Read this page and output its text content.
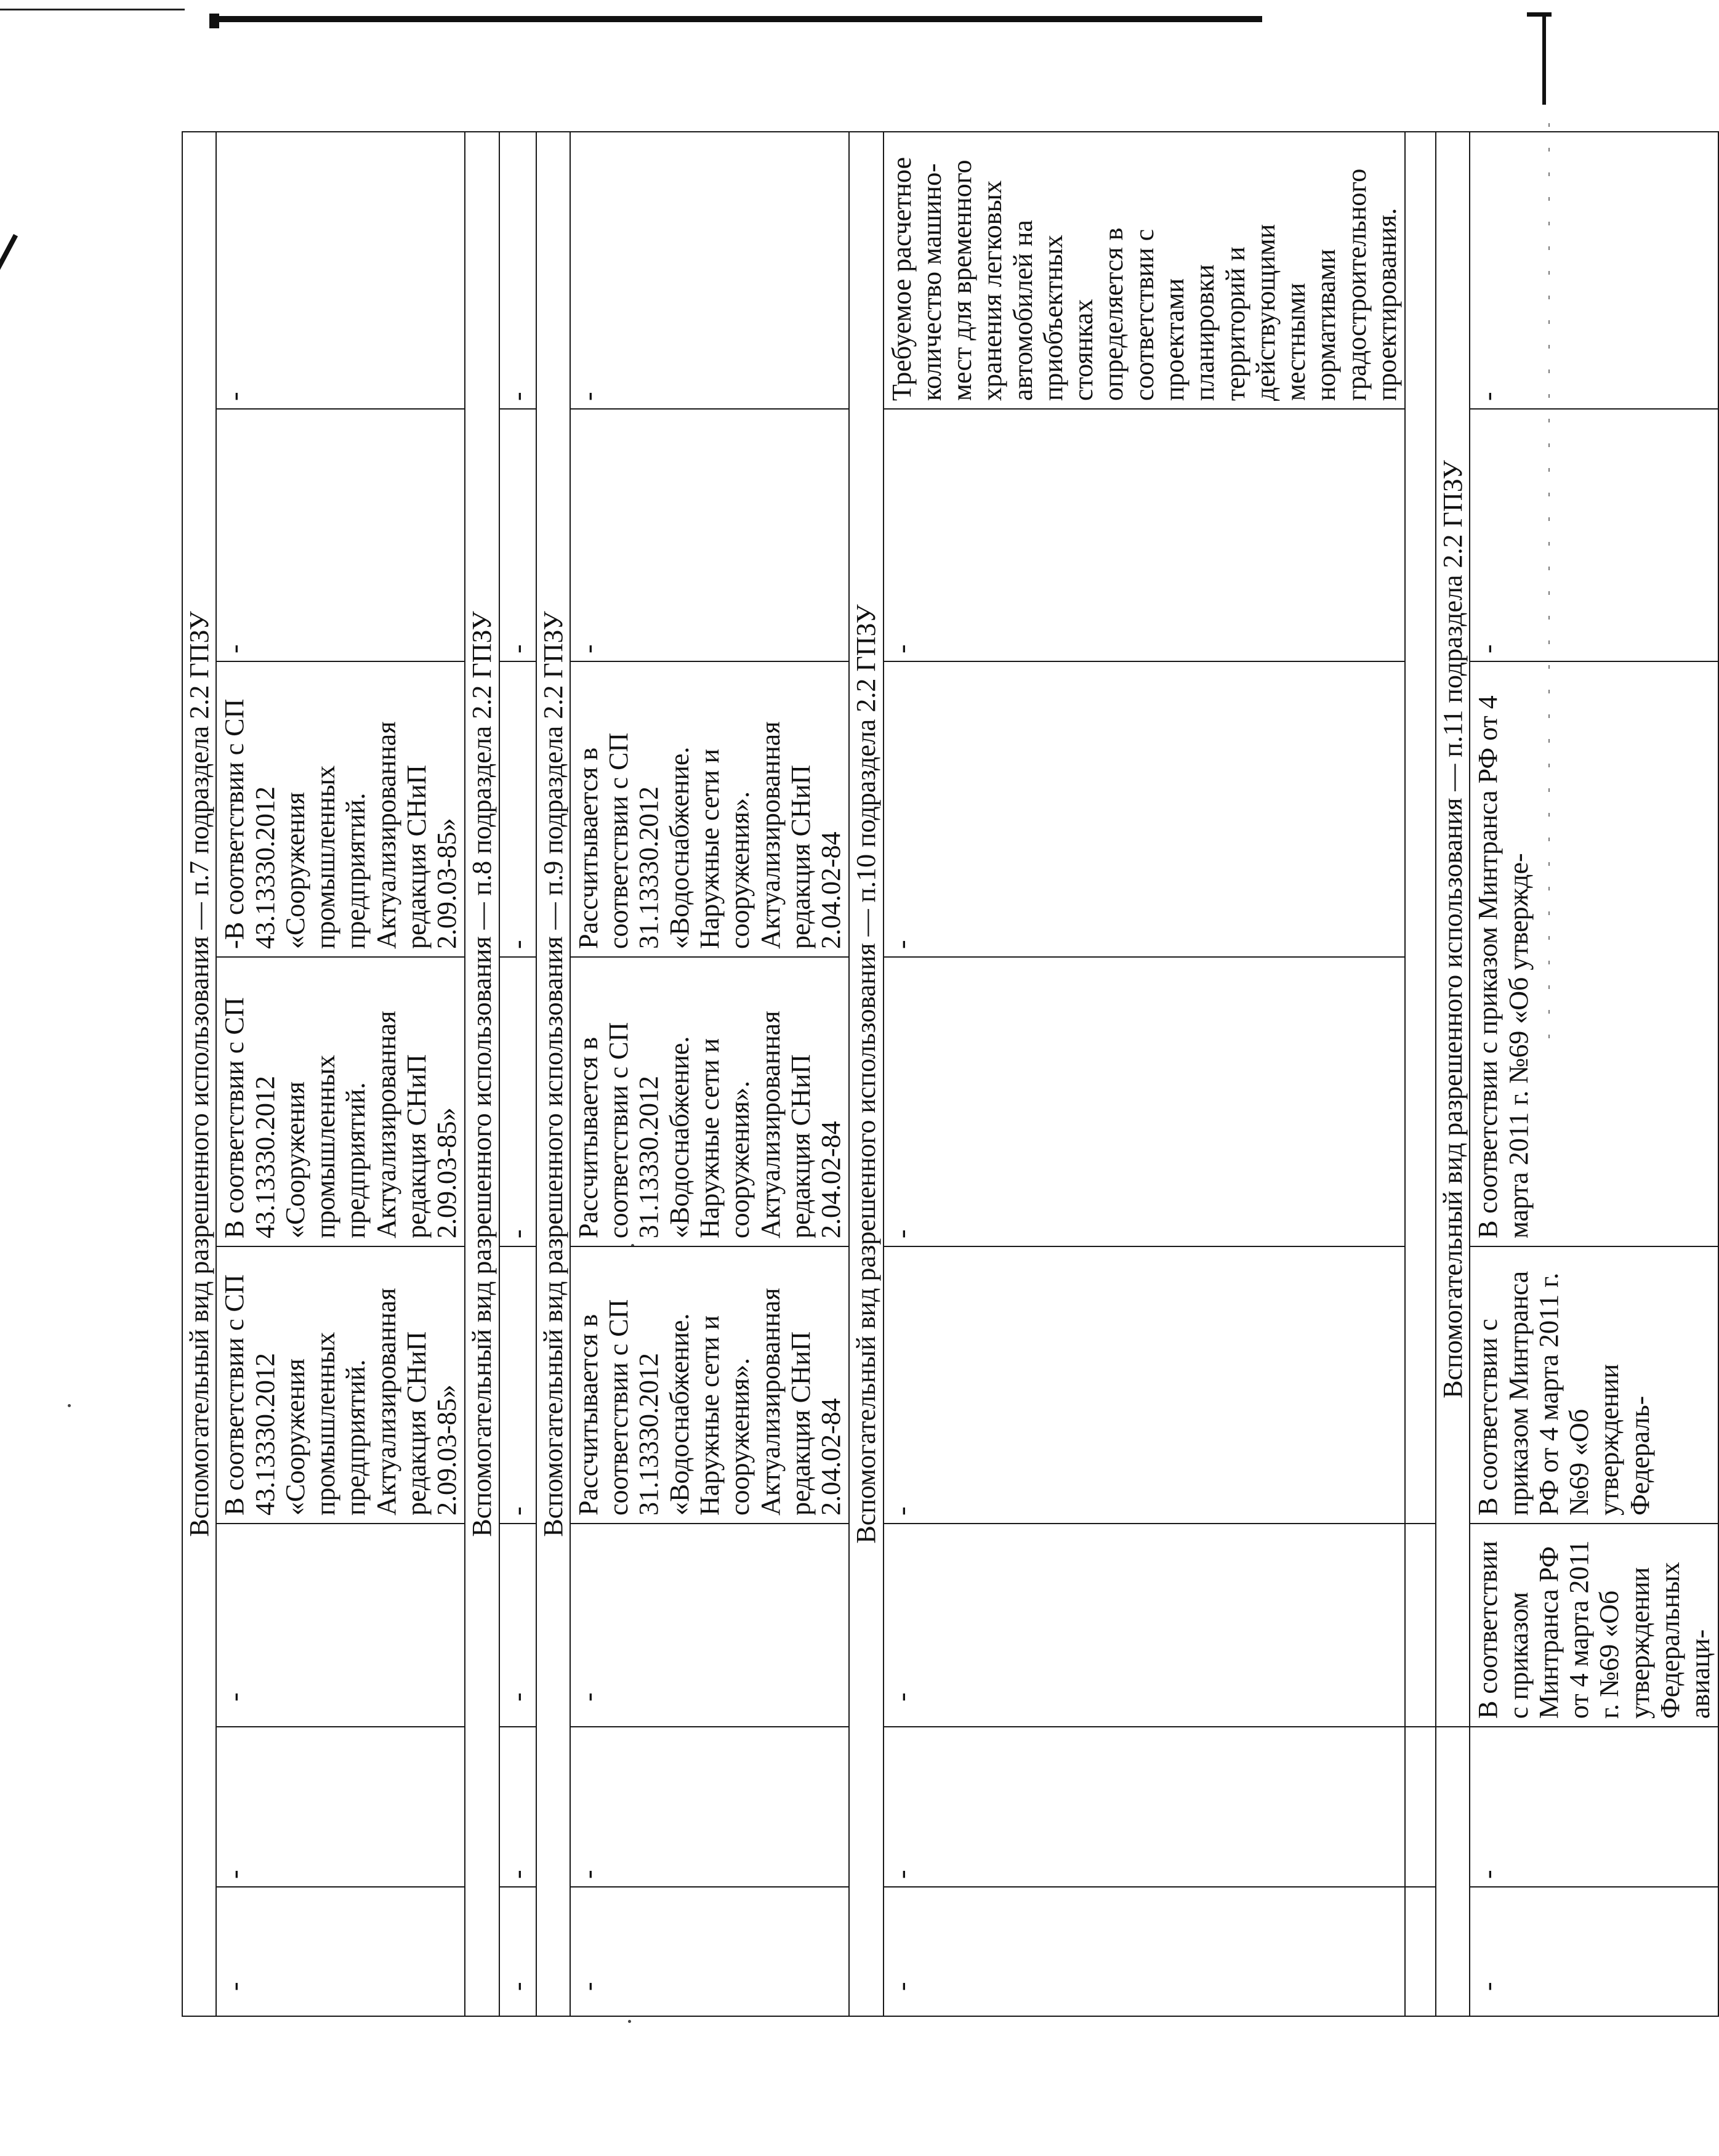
Вспомогательный вид разрешенного использования — п.7 подраздела 2.2 ГПЗУ							
-	-	-	В соответствии с СП 43.13330.2012 «Сооружения промышленных предприятий. Актуализированная редакция СНиП 2.09.03-85»	В соответствии с СП 43.13330.2012 «Сооружения промышленных предприятий. Актуализированная редакция СНиП 2.09.03-85»	-В соответствии с СП 43.13330.2012 «Сооружения промышленных предприятий. Актуализированная редакция СНиП 2.09.03-85»	-	-
Вспомогательный вид разрешенного использования — п.8 подраздела 2.2 ГПЗУ							
-	-	-	-	-	-	-	-
Вспомогательный вид разрешенного использования — п.9 подраздела 2.2 ГПЗУ							
-	-	-	Рассчитывается в соответствии с СП 31.13330.2012 «Водоснабжение. Наружные сети и сооружения». Актуализированная редакция СНиП 2.04.02-84	Рассчитывается в соответствии с СП 31.13330.2012 «Водоснабжение. Наружные сети и сооружения». Актуализированная редакция СНиП 2.04.02-84	Рассчитывается в соответствии с СП 31.13330.2012 «Водоснабжение. Наружные сети и сооружения». Актуализированная редакция СНиП 2.04.02-84	-	-
Вспомогательный вид разрешенного использования — п.10 подраздела 2.2 ГПЗУ							
-	-	-	-	-	-	-	Требуемое расчетное количество машино-мест для временного хранения легковых автомобилей на приобъектных стоянках определяется в соответствии с проектами планировки территорий и действующими местными нормативами градостроительного проектирования.

		Вспомогательный вид разрешенного использования — п.11 подраздела 2.2 ГПЗУ					
-	-	В соответствии с приказом Минтранса РФ от 4 марта 2011 г. №69 «Об утверждении Федеральных авиаци-	В соответствии с приказом Минтранса РФ от 4 марта 2011 г. №69 «Об утверждении Федераль-	В соответствии с приказом Минтранса РФ от 4 марта 2011 г. №69 «Об утвержде-		-	-
